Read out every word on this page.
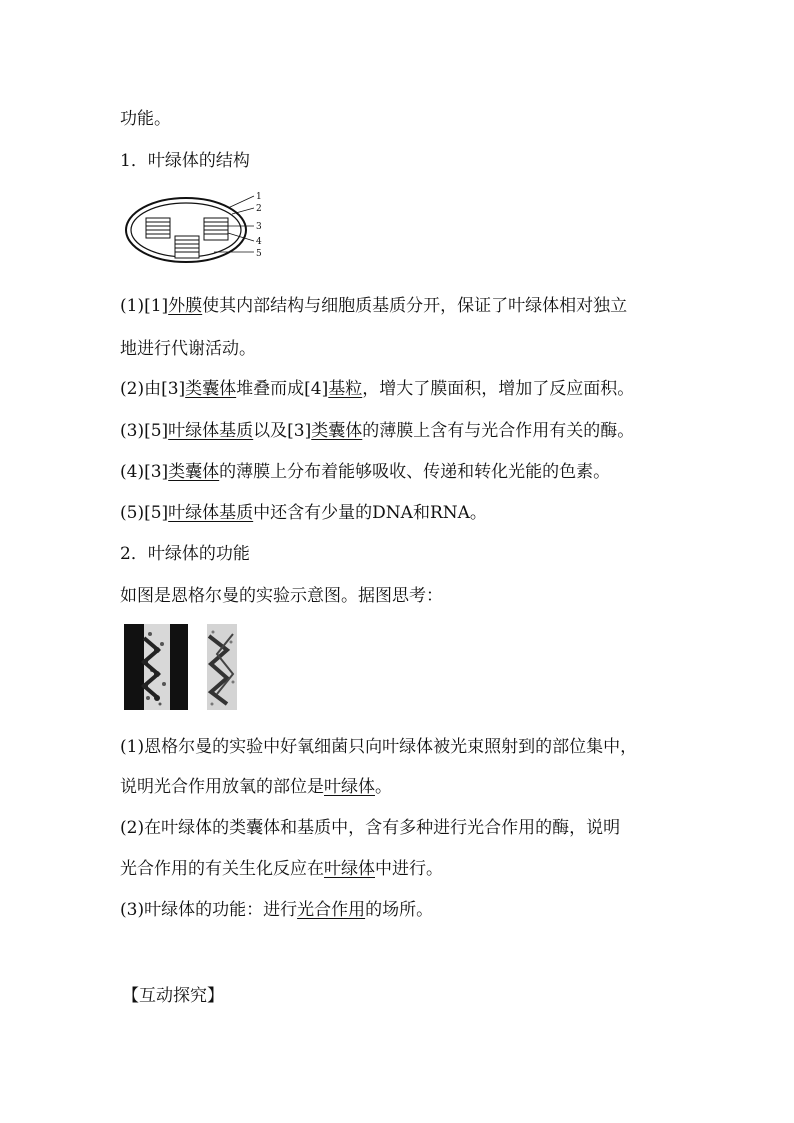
功能。
1．叶绿体的结构
1
2
3
4
5
(1)[1]外膜使其内部结构与细胞质基质分开，保证了叶绿体相对独立
地进行代谢活动。
(2)由[3]类囊体堆叠而成[4]基粒，增大了膜面积，增加了反应面积。
(3)[5]叶绿体基质以及[3]类囊体的薄膜上含有与光合作用有关的酶。
(4)[3]类囊体的薄膜上分布着能够吸收、传递和转化光能的色素。
(5)[5]叶绿体基质中还含有少量的DNA和RNA。
2．叶绿体的功能
如图是恩格尔曼的实验示意图。据图思考：
(1)恩格尔曼的实验中好氧细菌只向叶绿体被光束照射到的部位集中，
说明光合作用放氧的部位是叶绿体。
(2)在叶绿体的类囊体和基质中，含有多种进行光合作用的酶，说明
光合作用的有关生化反应在叶绿体中进行。
(3)叶绿体的功能：进行光合作用的场所。
【互动探究】
